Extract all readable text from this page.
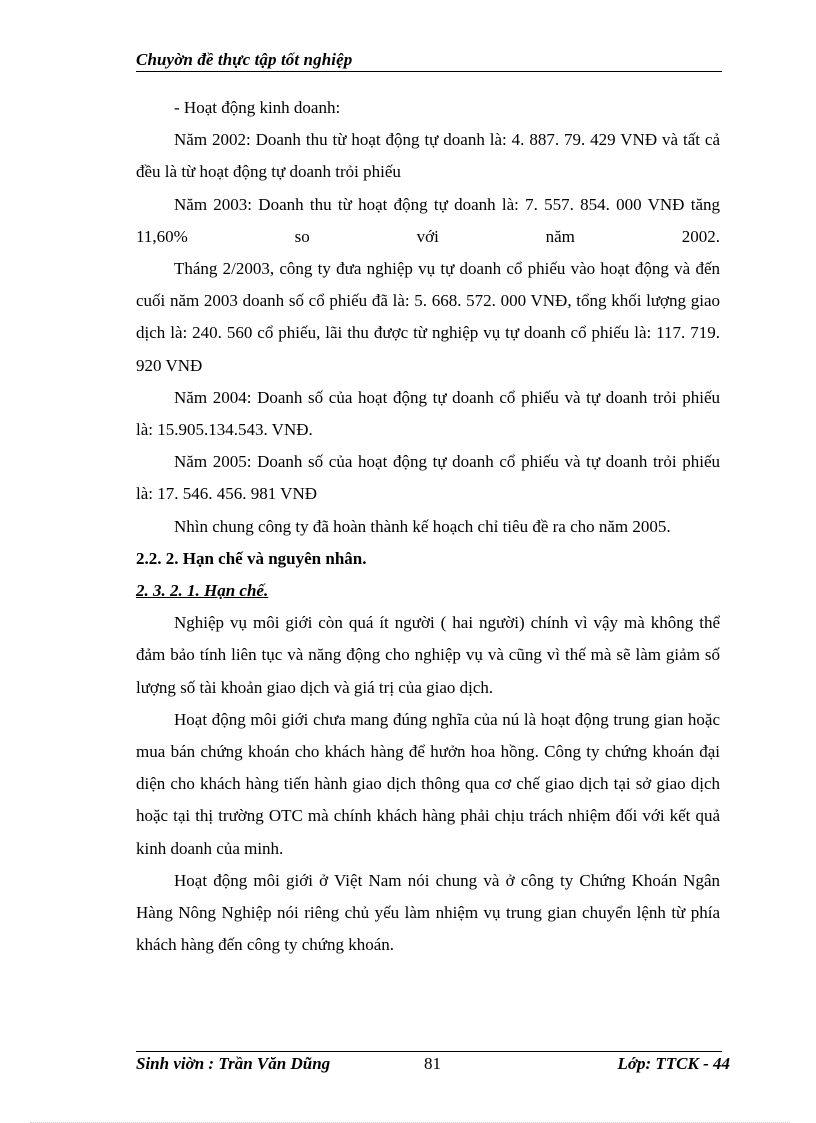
Chuyờn đề thực tập tốt nghiệp

- Hoạt động kinh doanh:

Năm 2002: Doanh thu từ hoạt động tự doanh là: 4. 887. 79. 429 VNĐ và tất cả đều là từ hoạt động tự doanh trỏi phiếu

Năm 2003: Doanh thu từ hoạt động tự doanh là: 7. 557. 854. 000 VNĐ tăng 11,60% so với năm 2002.

Tháng 2/2003, công ty đưa nghiệp vụ tự doanh cổ phiếu vào hoạt động và đến cuối năm 2003 doanh số cổ phiếu đã là: 5. 668. 572. 000 VNĐ, tổng khối lượng giao dịch là: 240. 560 cổ phiếu, lãi thu được từ nghiệp vụ tự doanh cổ phiếu là: 117. 719. 920 VNĐ

Năm 2004: Doanh số của hoạt động tự doanh cổ phiếu và tự doanh trỏi phiếu là: 15.905.134.543. VNĐ.

Năm 2005: Doanh số của hoạt động tự doanh cổ phiếu và tự doanh trỏi phiếu là: 17. 546. 456. 981 VNĐ

Nhìn chung công ty đã hoàn thành kế hoạch chỉ tiêu đề ra cho năm 2005.

2.2. 2. Hạn chế và nguyên nhân.
2. 3. 2. 1. Hạn chế.

Nghiệp vụ môi giới còn quá ít người ( hai người) chính vì vậy mà không thể đảm bảo tính liên tục và năng động cho nghiệp vụ và cũng vì thế mà sẽ làm giảm số lượng số tài khoản giao dịch và giá trị của giao dịch.

Hoạt động môi giới chưa mang đúng nghĩa của nú là hoạt động trung gian hoặc mua bán chứng khoán cho khách hàng để hưởn hoa hồng. Công ty chứng khoán đại diện cho khách hàng tiến hành giao dịch thông qua cơ chế giao dịch tại sở giao dịch hoặc tại thị trường OTC mà chính khách hàng phải chịu trách nhiệm đối với kết quả kinh doanh của minh.

Hoạt động môi giới ở Việt Nam nói chung và ở công ty Chứng Khoán Ngân Hàng Nông Nghiệp nói riêng chủ yếu làm nhiệm vụ trung gian chuyển lệnh từ phía khách hàng đến công ty chứng khoán.

Sinh viờn : Trần Văn Dũng	81	Lớp: TTCK - 44
